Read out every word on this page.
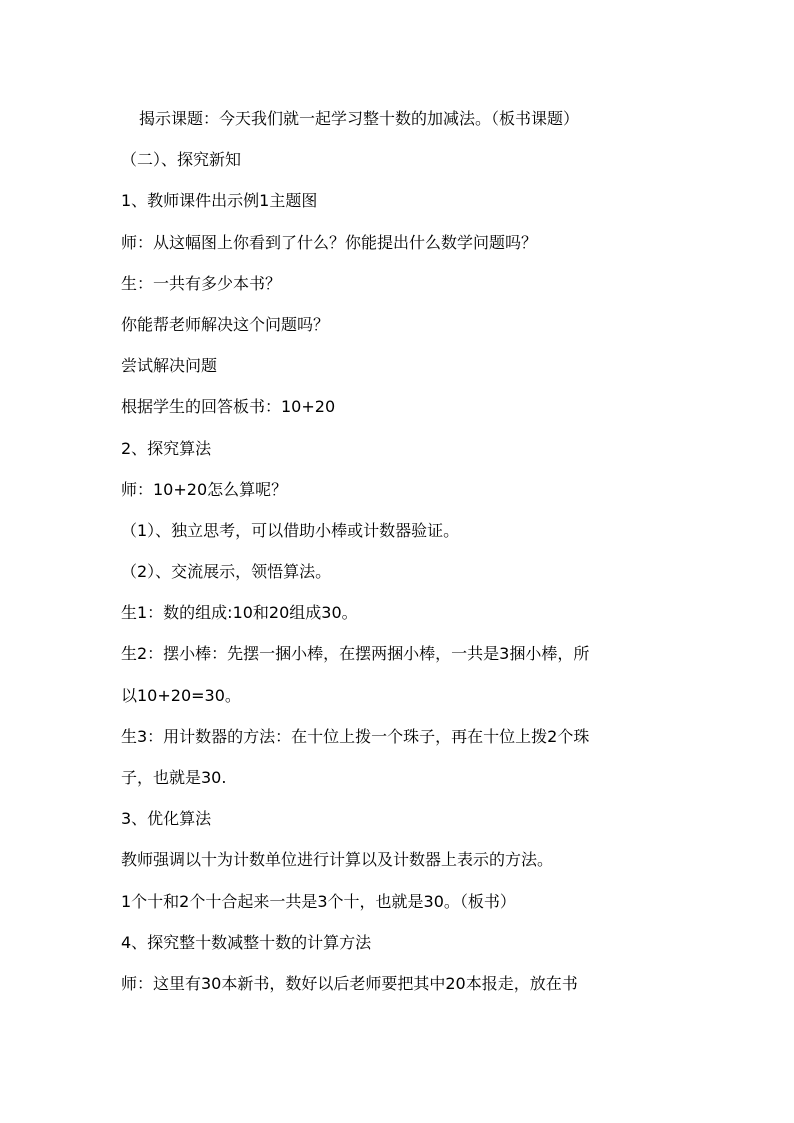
揭示课题：今天我们就一起学习整十数的加减法。（板书课题）
（二）、探究新知
1、教师课件出示例1主题图
师：从这幅图上你看到了什么？你能提出什么数学问题吗？
生：一共有多少本书？
你能帮老师解决这个问题吗？
尝试解决问题
根据学生的回答板书：10+20
2、探究算法
师：10+20怎么算呢？
（1）、独立思考，可以借助小棒或计数器验证。
（2）、交流展示，领悟算法。
生1：数的组成:10和20组成30。
生2：摆小棒：先摆一捆小棒，在摆两捆小棒，一共是3捆小棒，所
以10+20=30。
生3：用计数器的方法：在十位上拨一个珠子，再在十位上拨2个珠
子，也就是30.
3、优化算法
教师强调以十为计数单位进行计算以及计数器上表示的方法。
1个十和2个十合起来一共是3个十，也就是30。（板书）
4、探究整十数减整十数的计算方法
师：这里有30本新书，数好以后老师要把其中20本报走，放在书
